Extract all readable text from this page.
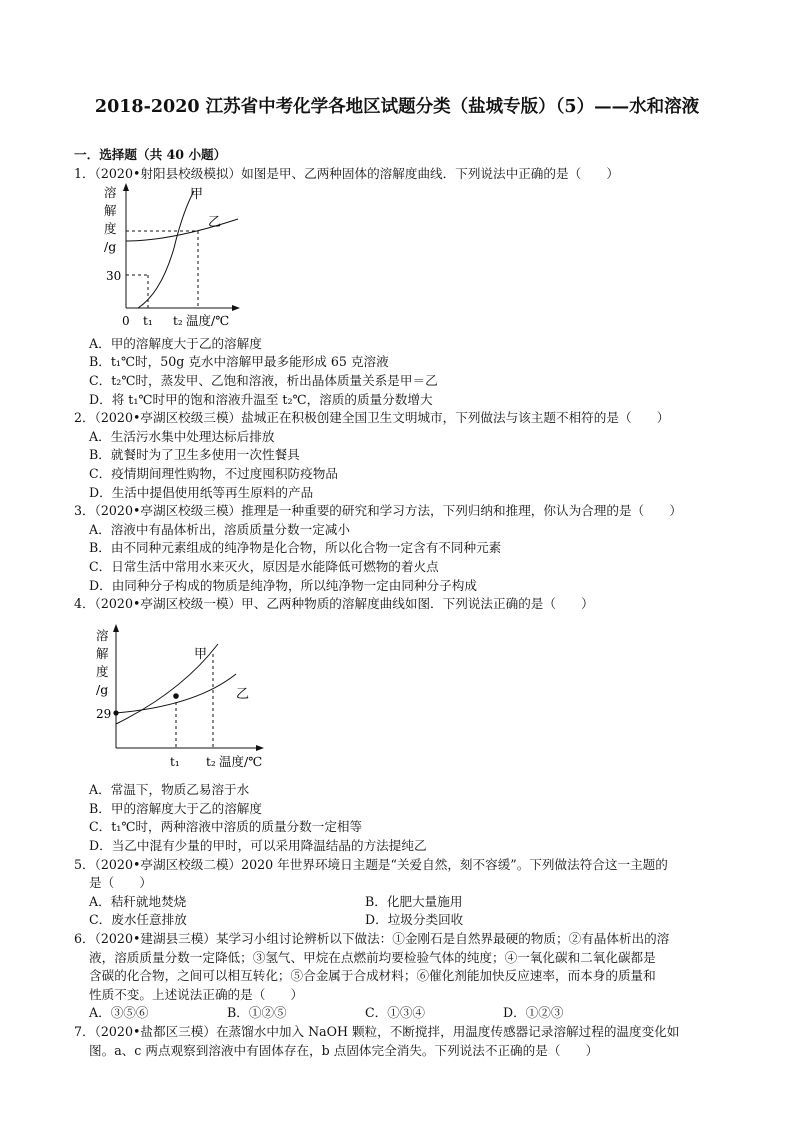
2018-2020 江苏省中考化学各地区试题分类（盐城专版）（5）——水和溶液
一．选择题（共 40 小题）
1．（2020•射阳县校级模拟）如图是甲、乙两种固体的溶解度曲线．下列说法中正确的是（　　）
溶
解
度
/g
30
0 t₁ t₂ 温度/℃
甲
乙
A．甲的溶解度大于乙的溶解度
B．t₁℃时，50g 克水中溶解甲最多能形成 65 克溶液
C．t₂℃时，蒸发甲、乙饱和溶液，析出晶体质量关系是甲＝乙
D．将 t₁℃时甲的饱和溶液升温至 t₂℃，溶质的质量分数增大
2．（2020•亭湖区校级三模）盐城正在积极创建全国卫生文明城市，下列做法与该主题不相符的是（　　）
A．生活污水集中处理达标后排放
B．就餐时为了卫生多使用一次性餐具
C．疫情期间理性购物，不过度囤积防疫物品
D．生活中提倡使用纸等再生原料的产品
3．（2020•亭湖区校级三模）推理是一种重要的研究和学习方法，下列归纳和推理，你认为合理的是（　　）
A．溶液中有晶体析出，溶质质量分数一定减小
B．由不同种元素组成的纯净物是化合物，所以化合物一定含有不同种元素
C．日常生活中常用水来灭火，原因是水能降低可燃物的着火点
D．由同种分子构成的物质是纯净物，所以纯净物一定由同种分子构成
4．（2020•亭湖区校级一模）甲、乙两种物质的溶解度曲线如图．下列说法正确的是（　　）
溶
解
度
/g
29
t₁ t₂ 温度/℃
甲
乙
A．常温下，物质乙易溶于水
B．甲的溶解度大于乙的溶解度
C．t₁℃时，两种溶液中溶质的质量分数一定相等
D．当乙中混有少量的甲时，可以采用降温结晶的方法提纯乙
5．（2020•亭湖区校级二模）2020 年世界环境日主题是“关爱自然，刻不容缓”。下列做法符合这一主题的
是（　　）
A．秸秆就地焚烧	B．化肥大量施用
C．废水任意排放	D．垃圾分类回收
6．（2020•建湖县三模）某学习小组讨论辨析以下做法：①金刚石是自然界最硬的物质；②有晶体析出的溶
液，溶质质量分数一定降低；③氢气、甲烷在点燃前均要检验气体的纯度；④一氧化碳和二氧化碳都是
含碳的化合物，之间可以相互转化；⑤合金属于合成材料；⑥催化剂能加快反应速率，而本身的质量和
性质不变。上述说法正确的是（　　）
A．③⑤⑥	B．①②⑤	C．①③④	D．①②③
7．（2020•盐都区三模）在蒸馏水中加入 NaOH 颗粒，不断搅拌，用温度传感器记录溶解过程的温度变化如
图。a、c 两点观察到溶液中有固体存在，b 点固体完全消失。下列说法不正确的是（　　）
